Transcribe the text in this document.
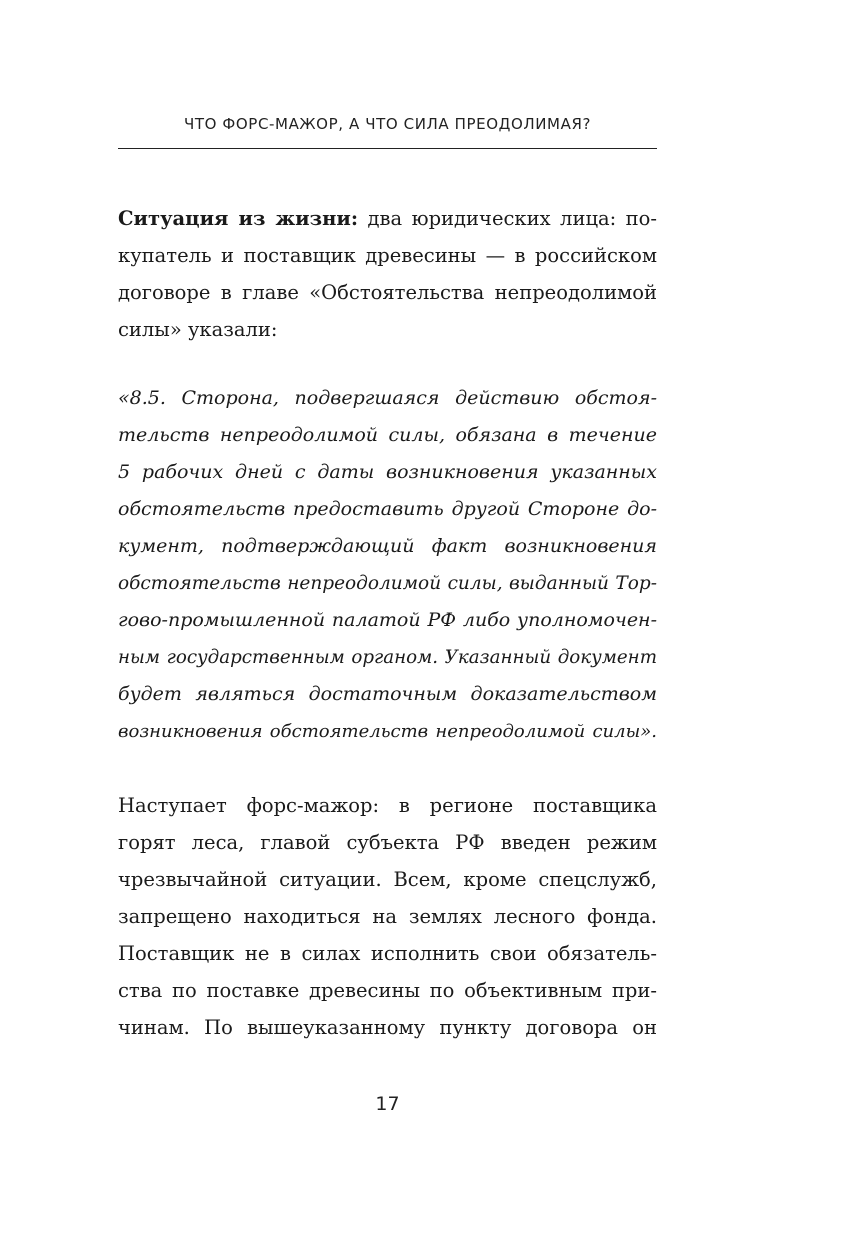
ЧТО ФОРС-МАЖОР, А ЧТО СИЛА ПРЕОДОЛИМАЯ?
Ситуация из жизни: два юридических лица: по-
купатель и поставщик древесины — в российском
договоре в главе «Обстоятельства непреодолимой
силы» указали:
«8.5. Сторона, подвергшаяся действию обстоя-
тельств непреодолимой силы, обязана в течение
5 рабочих дней с даты возникновения указанных
обстоятельств предоставить другой Стороне до-
кумент, подтверждающий факт возникновения
обстоятельств непреодолимой силы, выданный Тор-
гово-промышленной палатой РФ либо уполномочен-
ным государственным органом. Указанный документ
будет являться достаточным доказательством
возникновения обстоятельств непреодолимой силы».
Наступает форс-мажор: в регионе поставщика
горят леса, главой субъекта РФ введен режим
чрезвычайной ситуации. Всем, кроме спецслужб,
запрещено находиться на землях лесного фонда.
Поставщик не в силах исполнить свои обязатель-
ства по поставке древесины по объективным при-
чинам. По вышеуказанному пункту договора он
17
